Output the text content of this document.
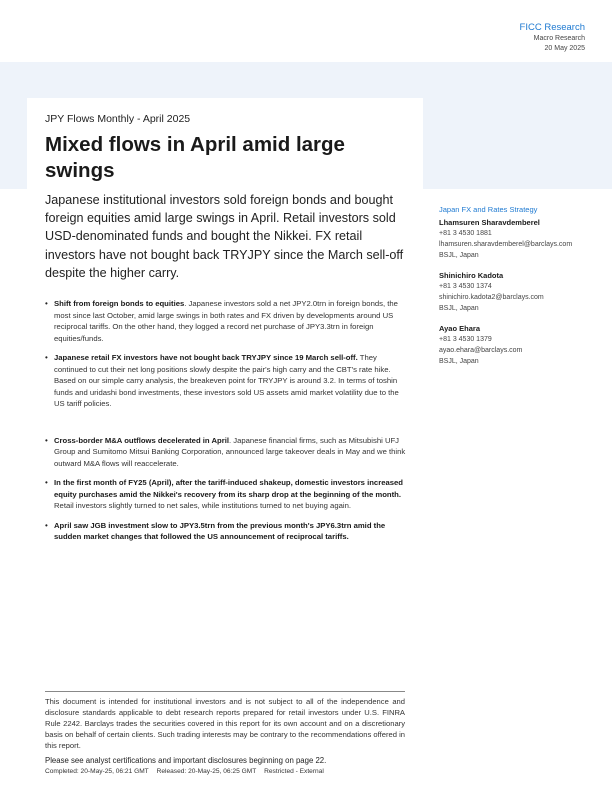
FICC Research
Macro Research
20 May 2025
JPY Flows Monthly - April 2025
Mixed flows in April amid large swings

Japanese institutional investors sold foreign bonds and bought foreign equities amid large swings in April. Retail investors sold USD-denominated funds and bought the Nikkei. FX retail investors have not bought back TRYJPY since the March sell-off despite the higher carry.

• Shift from foreign bonds to equities. Japanese investors sold a net JPY2.0trn in foreign bonds, the most since last October, amid large swings in both rates and FX driven by developments around US reciprocal tariffs. On the other hand, they logged a record net purchase of JPY3.3trn in foreign equities/funds.
• Japanese retail FX investors have not bought back TRYJPY since 19 March sell-off. They continued to cut their net long positions slowly despite the pair's high carry and the CBT's rate hike. Based on our simple carry analysis, the breakeven point for TRYJPY is around 3.2. In terms of toshin funds and uridashi bond investments, these investors sold US assets amid market volatility due to the US tariff policies.
• Cross-border M&A outflows decelerated in April. Japanese financial firms, such as Mitsubishi UFJ Group and Sumitomo Mitsui Banking Corporation, announced large takeover deals in May and we think outward M&A flows will reaccelerate.
• In the first month of FY25 (April), after the tariff-induced shakeup, domestic investors increased equity purchases amid the Nikkei's recovery from its sharp drop at the beginning of the month. Retail investors slightly turned to net sales, while institutions turned to net buying again.
• April saw JGB investment slow to JPY3.5trn from the previous month's JPY6.3trn amid the sudden market changes that followed the US announcement of reciprocal tariffs.
Japan FX and Rates Strategy
Lhamsuren Sharavdemberel
+81 3 4530 1881
lhamsuren.sharavdemberel@barclays.com
BSJL, Japan
Shinichiro Kadota
+81 3 4530 1374
shinichiro.kadota2@barclays.com
BSJL, Japan
Ayao Ehara
+81 3 4530 1379
ayao.ehara@barclays.com
BSJL, Japan

This document is intended for institutional investors and is not subject to all of the independence and disclosure standards applicable to debt research reports prepared for retail investors under U.S. FINRA Rule 2242. Barclays trades the securities covered in this report for its own account and on a discretionary basis on behalf of certain clients. Such trading interests may be contrary to the recommendations offered in this report.

Please see analyst certifications and important disclosures beginning on page 22.

Completed: 20-May-25, 06:21 GMT Released: 20-May-25, 06:25 GMT Restricted - External
